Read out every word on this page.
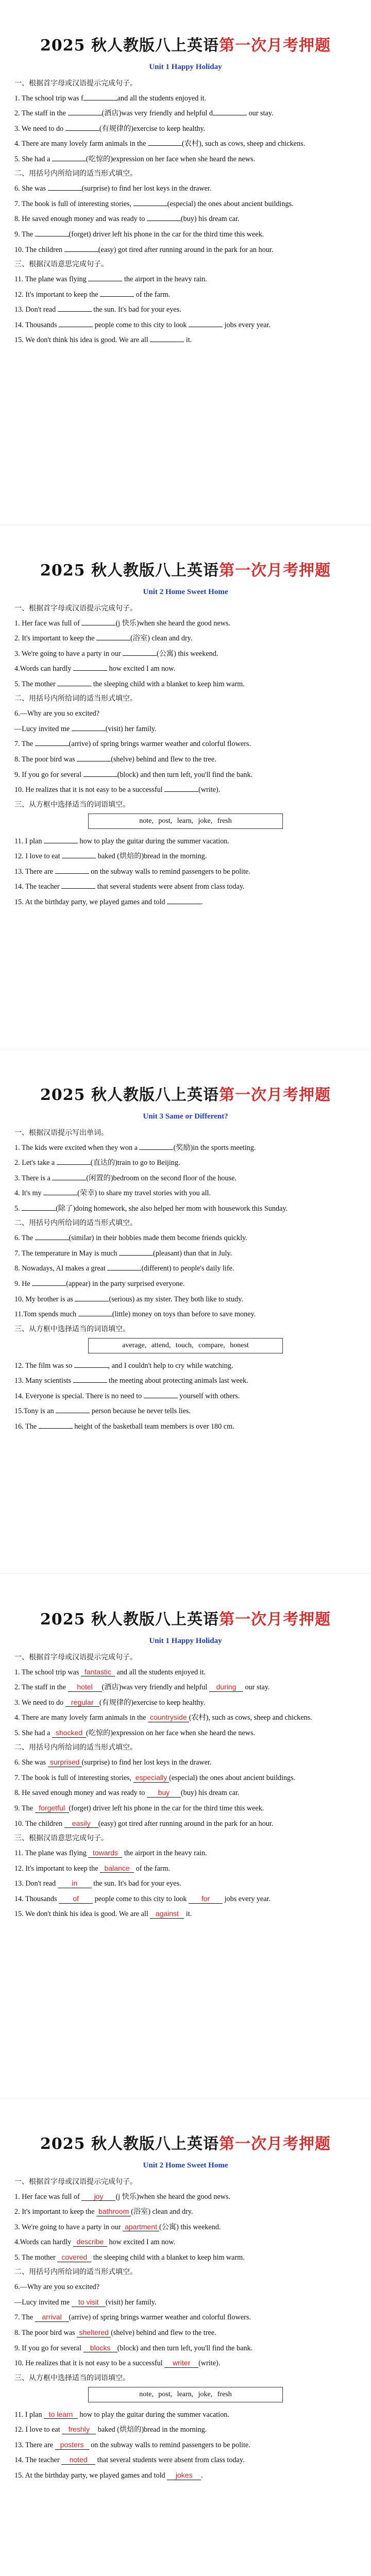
2025 秋人教版八上英语第一次月考押题
Unit 1 Happy Holiday
一、根据首字母或汉语提示完成句子。
1. The school trip was f	and all the students enjoyed it.
2. The staff in the	(酒店)was very friendly and helpful d	our stay.
3. We need to do	(有规律的)exercise to keep healthy.
4. There are many lovely farm animals in the	(农村), such as cows, sheep and chickens.
5. She had a	(吃惊的)expression on her face when she heard the news.
二、用括号内所给词的适当形式填空。
6. She was	(surprise) to find her lost keys in the drawer.
7. The book is full of interesting stories,	(especial) the ones about ancient buildings.
8. He saved enough money and was ready to	(buy) his dream car.
9. The	(forget) driver left his phone in the car for the third time this week.
10. The children	(easy) got tired after running around in the park for an hour.
三、根据汉语意思完成句子。
11. The plane was flying	the airport in the heavy rain.
12. It's important to keep the	of the farm.
13. Don't read	the sun. It's bad for your eyes.
14. Thousands	people come to this city to look	jobs every year.
15. We don't think his idea is good. We are all	it.
2025 秋人教版八上英语第一次月考押题
Unit 2 Home Sweet Home
一、根据首字母或汉语提示完成句子。
1. Her face was full of	(j 快乐)when she heard the good news.
2. It's important to keep the	(浴室) clean and dry.
3. We're going to have a party in our	(公寓) this weekend.
4.Words can hardly	how excited I am now.
5. The mother	the sleeping child with a blanket to keep him warm.
二、用括号内所给词的适当形式填空。
6.—Why are you so excited?
—Lucy invited me	(visit) her family.
7. The	(arrive) of spring brings warmer weather and colorful flowers.
8. The poor bird was	(shelve) behind and flew to the tree.
9. If you go for several	(block) and then turn left, you'll find the bank.
10. He realizes that it is not easy to be a successful	(write).
三、从方框中选择适当的词语填空。
note, post, learn, joke, fresh
11. I plan	how to play the guitar during the summer vacation.
12. I love to eat	baked (烘焙的)bread in the morning.
13. There are	on the subway walls to remind passengers to be polite.
14. The teacher	that several students were absent from class today.
15. At the birthday party, we played games and told	.
2025 秋人教版八上英语第一次月考押题
Unit 3 Same or Different?
一、根据汉语提示写出单词。
1. The kids were excited when they won a	(奖励)in the sports meeting.
2. Let's take a	(直达的)train to go to Beijing.
3. There is a	(闲置的)bedroom on the second floor of the house.
4. It's my	(荣幸) to share my travel stories with you all.
5.	(除了)doing homework, she also helped her mom with housework this Sunday.
二、用括号内所给词的适当形式填空。
6. The	(similar) in their hobbies made them become friends quickly.
7. The temperature in May is much	(pleasant) than that in July.
8. Nowadays, AI makes a great	(different) to people's daily life.
9. He	(appear) in the party surprised everyone.
10. My brother is as	(serious) as my sister. They both like to study.
11.Tom spends much	(little) money on toys than before to save money.
三、从方框中选择适当的词语填空。
average, attend, touch, compare, honest
12. The film was so	, and I couldn't help to cry while watching.
13. Many scientists	the meeting about protecting animals last week.
14. Everyone is special. There is no need to	yourself with others.
15.Tony is an	person because he never tells lies.
16. The	height of the basketball team members is over 180 cm.
2025 秋人教版八上英语第一次月考押题
Unit 1 Happy Holiday
一、根据首字母或汉语提示完成句子。
1. The school trip was fantastic and all the students enjoyed it.
2. The staff in the hotel (酒店)was very friendly and helpful during our stay.
3. We need to do regular (有规律的)exercise to keep healthy.
4. There are many lovely farm animals in the countryside (农村), such as cows, sheep and chickens.
5. She had a shocked (吃惊的)expression on her face when she heard the news.
二、用括号内所给词的适当形式填空。
6. She was surprised (surprise) to find her lost keys in the drawer.
7. The book is full of interesting stories, especially (especial) the ones about ancient buildings.
8. He saved enough money and was ready to buy (buy) his dream car.
9. The forgetful (forget) driver left his phone in the car for the third time this week.
10. The children easily (easy) got tired after running around in the park for an hour.
三、根据汉语意思完成句子。
11. The plane was flying towards the airport in the heavy rain.
12. It's important to keep the balance of the farm.
13. Don't read in the sun. It's bad for your eyes.
14. Thousands of people come to this city to look for jobs every year.
15. We don't think his idea is good. We are all against it.
2025 秋人教版八上英语第一次月考押题
Unit 2 Home Sweet Home
一、根据首字母或汉语提示完成句子。
1. Her face was full of joy (j 快乐)when she heard the good news.
2. It's important to keep the bathroom (浴室) clean and dry.
3. We're going to have a party in our apartment (公寓) this weekend.
4.Words can hardly describe how excited I am now.
5. The mother covered the sleeping child with a blanket to keep him warm.
二、用括号内所给词的适当形式填空。
6.—Why are you so excited?
—Lucy invited me to visit (visit) her family.
7. The arrival (arrive) of spring brings warmer weather and colorful flowers.
8. The poor bird was sheltered (shelve) behind and flew to the tree.
9. If you go for several blocks (block) and then turn left, you'll find the bank.
10. He realizes that it is not easy to be a successful writer (write).
三、从方框中选择适当的词语填空。
note, post, learn, joke, fresh
11. I plan to learn how to play the guitar during the summer vacation.
12. I love to eat freshly baked (烘焙的)bread in the morning.
13. There are posters on the subway walls to remind passengers to be polite.
14. The teacher noted that several students were absent from class today.
15. At the birthday party, we played games and told jokes .
